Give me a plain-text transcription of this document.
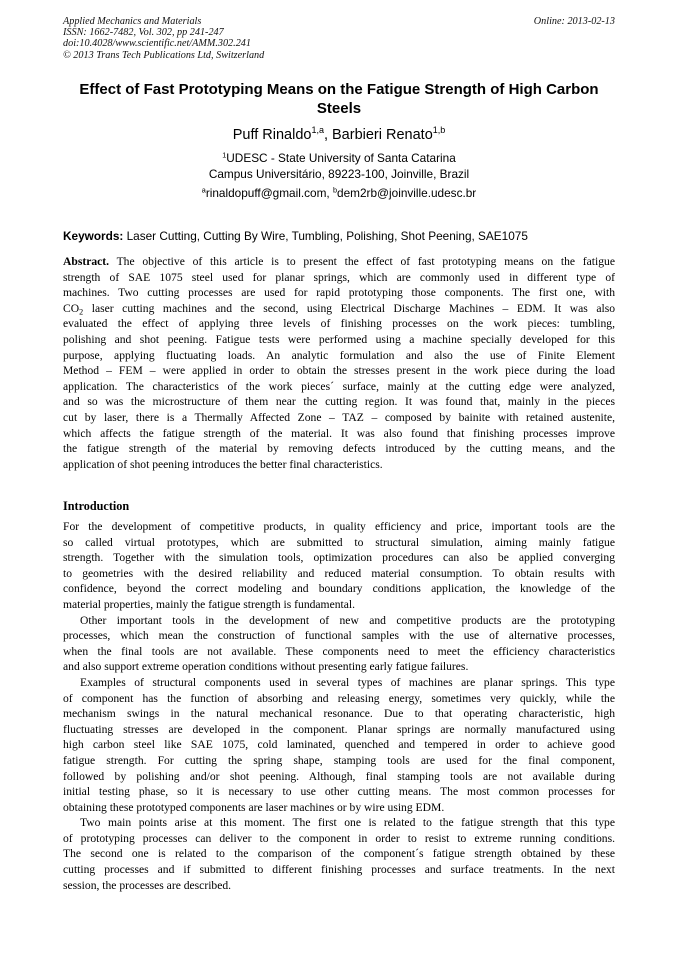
Applied Mechanics and Materials
ISSN: 1662-7482, Vol. 302, pp 241-247
doi:10.4028/www.scientific.net/AMM.302.241
© 2013 Trans Tech Publications Ltd, Switzerland
Online: 2013-02-13
Effect of Fast Prototyping Means on the Fatigue Strength of High Carbon
Steels
Puff Rinaldo$^{1,a}$, Barbieri Renato$^{1,b}$
$^1$UDESC - State University of Santa Catarina
Campus Universitário, 89223-100, Joinville, Brazil
$^a$rinaldopuff@gmail.com, $^b$dem2rb@joinville.udesc.br
Keywords: Laser Cutting, Cutting By Wire, Tumbling, Polishing, Shot Peening, SAE1075
Abstract. The objective of this article is to present the effect of fast prototyping means on the fatigue
strength of SAE 1075 steel used for planar springs, which are commonly used in different type of
machines. Two cutting processes are used for rapid prototyping those components. The first one, with
$CO_2$ laser cutting machines and the second, using Electrical Discharge Machines – EDM. It was also
evaluated the effect of applying three levels of finishing processes on the work pieces: tumbling,
polishing and shot peening. Fatigue tests were performed using a machine specially developed for this
purpose, applying fluctuating loads. An analytic formulation and also the use of Finite Element
Method – FEM – were applied in order to obtain the stresses present in the work piece during the load
application. The characteristics of the work pieces´ surface, mainly at the cutting edge were analyzed,
and so was the microstructure of them near the cutting region. It was found that, mainly in the pieces
cut by laser, there is a Thermally Affected Zone – TAZ – composed by bainite with retained austenite,
which affects the fatigue strength of the material. It was also found that finishing processes improve
the fatigue strength of the material by removing defects introduced by the cutting means, and the
application of shot peening introduces the better final characteristics.
Introduction
For the development of competitive products, in quality efficiency and price, important tools are the
so called virtual prototypes, which are submitted to structural simulation, aiming mainly fatigue
strength. Together with the simulation tools, optimization procedures can also be applied converging
to geometries with the desired reliability and reduced material consumption. To obtain results with
confidence, beyond the correct modeling and boundary conditions application, the knowledge of the
material properties, mainly the fatigue strength is fundamental.
Other important tools in the development of new and competitive products are the prototyping
processes, which mean the construction of functional samples with the use of alternative processes,
when the final tools are not available. These components need to meet the efficiency characteristics
and also support extreme operation conditions without presenting early fatigue failures.
Examples of structural components used in several types of machines are planar springs. This type
of component has the function of absorbing and releasing energy, sometimes very quickly, while the
mechanism swings in the natural mechanical resonance. Due to that operating characteristic, high
fluctuating stresses are developed in the component. Planar springs are normally manufactured using
high carbon steel like SAE 1075, cold laminated, quenched and tempered in order to achieve good
fatigue strength. For cutting the spring shape, stamping tools are used for the final component,
followed by polishing and/or shot peening. Although, final stamping tools are not available during
initial testing phase, so it is necessary to use other cutting means. The most common processes for
obtaining these prototyped components are laser machines or by wire using EDM.
Two main points arise at this moment. The first one is related to the fatigue strength that this type
of prototyping processes can deliver to the component in order to resist to extreme running conditions.
The second one is related to the comparison of the component´s fatigue strength obtained by these
cutting processes and if submitted to different finishing processes and surface treatments. In the next
session, the processes are described.
